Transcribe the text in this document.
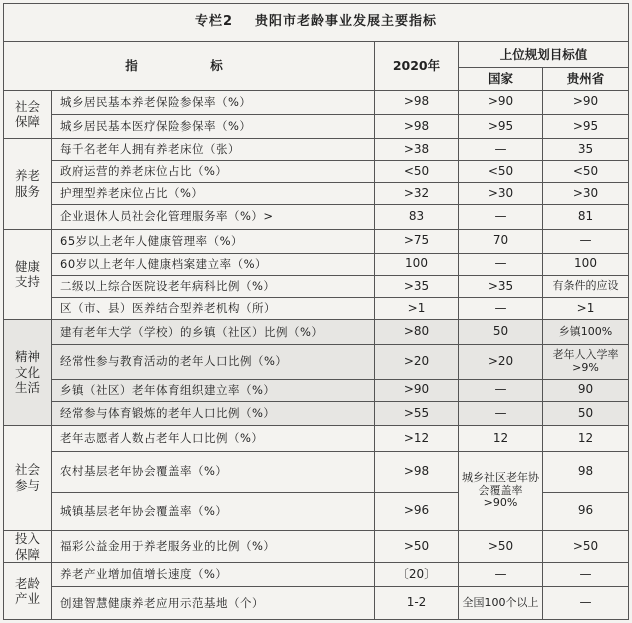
专栏2 贵阳市老龄事业发展主要指标				
指　标		2020年	上位规划目标值	
			国家	贵州省

社会
保障	城乡居民基本养老保险参保率（%）	>98	>90	>90
	城乡居民基本医疗保险参保率（%）	>98	>95	>95

养老
服务	每千名老年人拥有养老床位（张）	>38	—	35
	政府运营的养老床位占比（%）	<50	<50	<50
	护理型养老床位占比（%）	>32	>30	>30
	企业退休人员社会化管理服务率（%）>	83	—	81

健康
支持	65岁以上老年人健康管理率（%）	>75	70	—
	60岁以上老年人健康档案建立率（%）	100	—	100
	二级以上综合医院设老年病科比例（%）	>35	>35	有条件的应设
	区（市、县）医养结合型养老机构（所）	>1	—	>1

精神
文化
生活	建有老年大学（学校）的乡镇（社区）比例（%）	>80	50	乡镇100%
	经常性参与教育活动的老年人口比例（%）	>20	>20	老年人入学率>9%
	乡镇（社区）老年体育组织建立率（%）	>90	—	90
	经常参与体育锻炼的老年人口比例（%）	>55	—	50

社会
参与	老年志愿者人数占老年人口比例（%）	>12	12	12
	农村基层老年协会覆盖率（%）	>98	城乡社区老年协会覆盖率>90%	98
	城镇基层老年协会覆盖率（%）	>96		96

投入
保障	福彩公益金用于养老服务业的比例（%）	>50	>50	>50

老龄
产业	养老产业增加值增长速度（%）	〔20〕	—	—
	创建智慧健康养老应用示范基地（个）	1-2	全国100个以上	—
